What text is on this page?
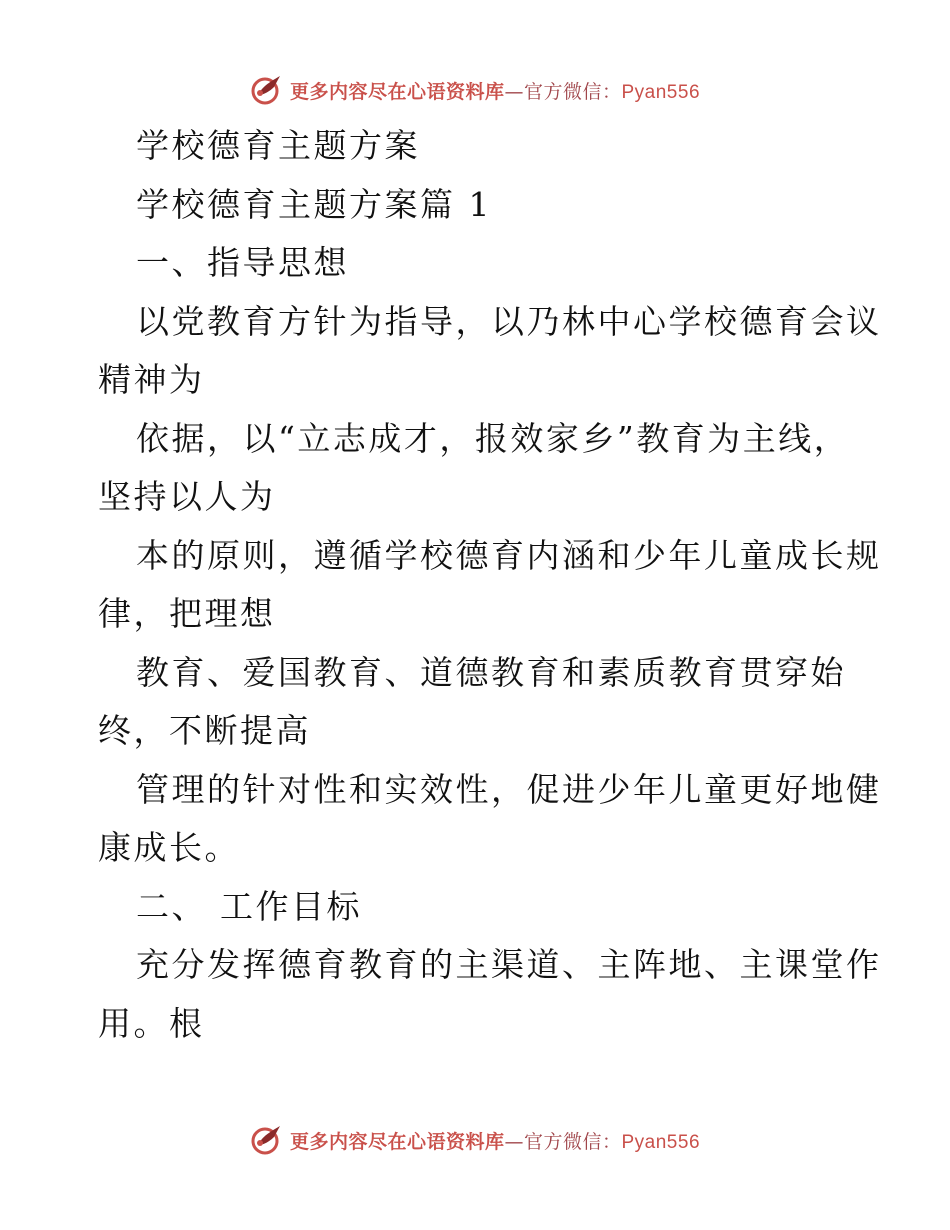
更多内容尽在心语资料库—官方微信：Pyan556
学校德育主题方案
学校德育主题方案篇 1
一、指导思想
以党教育方针为指导，以乃林中心学校德育会议
精神为
依据，以“立志成才，报效家乡”教育为主线，
坚持以人为
本的原则，遵循学校德育内涵和少年儿童成长规
律，把理想
教育、爱国教育、道德教育和素质教育贯穿始
终，不断提高
管理的针对性和实效性，促进少年儿童更好地健
康成长。
二、 工作目标
充分发挥德育教育的主渠道、主阵地、主课堂作
用。根
更多内容尽在心语资料库—官方微信：Pyan556
